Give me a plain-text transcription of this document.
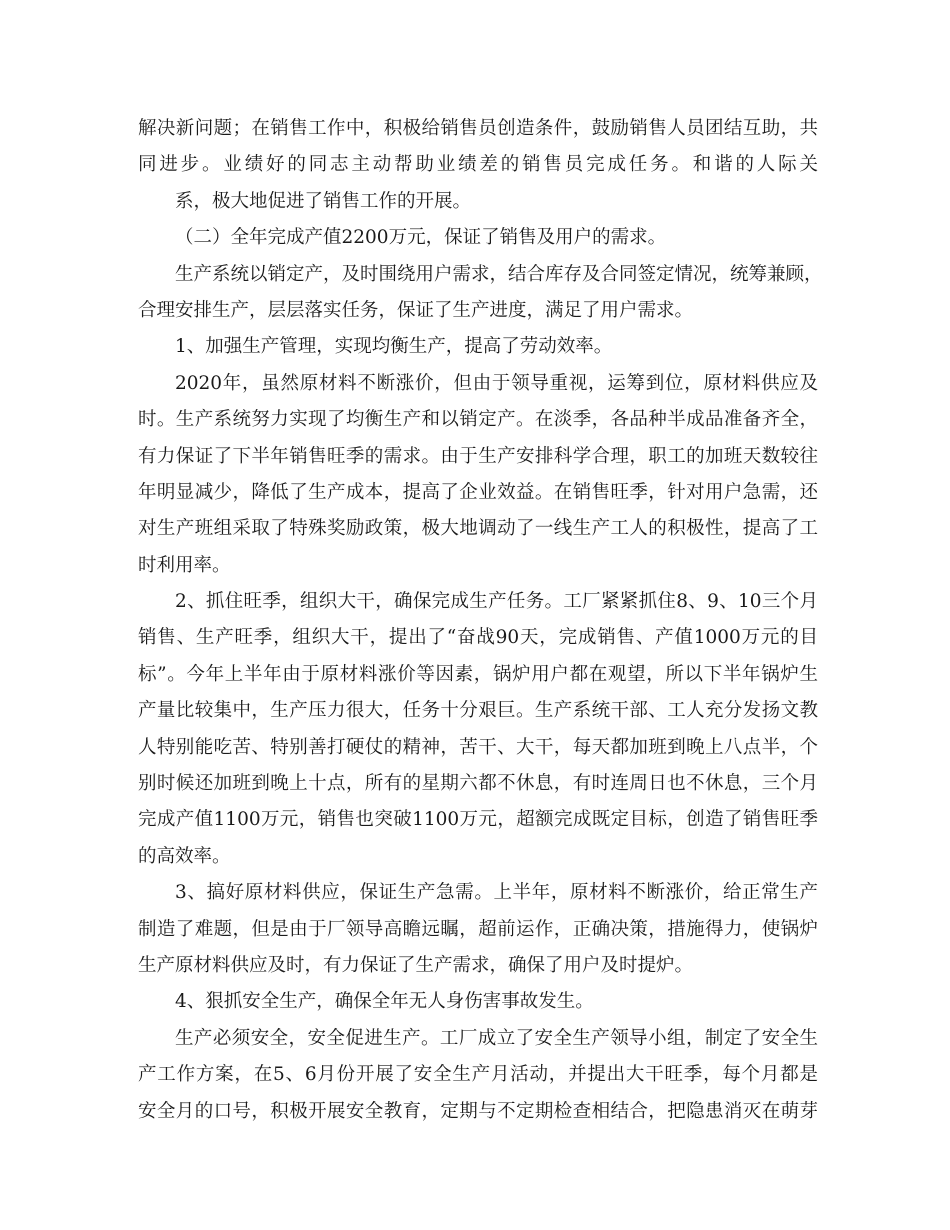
解决新问题；在销售工作中，积极给销售员创造条件，鼓励销售人员团结互助，共

同进步。业绩好的同志主动帮助业绩差的销售员完成任务。和谐的人际关

系，极大地促进了销售工作的开展。

（二）全年完成产值2200万元，保证了销售及用户的需求。

生产系统以销定产，及时围绕用户需求，结合库存及合同签定情况，统筹兼顾，

合理安排生产，层层落实任务，保证了生产进度，满足了用户需求。

1、加强生产管理，实现均衡生产，提高了劳动效率。

2020年，虽然原材料不断涨价，但由于领导重视，运筹到位，原材料供应及

时。生产系统努力实现了均衡生产和以销定产。在淡季，各品种半成品准备齐全，

有力保证了下半年销售旺季的需求。由于生产安排科学合理，职工的加班天数较往

年明显减少，降低了生产成本，提高了企业效益。在销售旺季，针对用户急需，还

对生产班组采取了特殊奖励政策，极大地调动了一线生产工人的积极性，提高了工

时利用率。

2、抓住旺季，组织大干，确保完成生产任务。工厂紧紧抓住8、9、10三个月

销售、生产旺季，组织大干，提出了“奋战90天，完成销售、产值1000万元的目

标”。今年上半年由于原材料涨价等因素，锅炉用户都在观望，所以下半年锅炉生

产量比较集中，生产压力很大，任务十分艰巨。生产系统干部、工人充分发扬文教

人特别能吃苦、特别善打硬仗的精神，苦干、大干，每天都加班到晚上八点半，个

别时候还加班到晚上十点，所有的星期六都不休息，有时连周日也不休息，三个月

完成产值1100万元，销售也突破1100万元，超额完成既定目标，创造了销售旺季

的高效率。

3、搞好原材料供应，保证生产急需。上半年，原材料不断涨价，给正常生产

制造了难题，但是由于厂领导高瞻远瞩，超前运作，正确决策，措施得力，使锅炉

生产原材料供应及时，有力保证了生产需求，确保了用户及时提炉。

4、狠抓安全生产，确保全年无人身伤害事故发生。

生产必须安全，安全促进生产。工厂成立了安全生产领导小组，制定了安全生

产工作方案，在5、6月份开展了安全生产月活动，并提出大干旺季，每个月都是

安全月的口号，积极开展安全教育，定期与不定期检查相结合，把隐患消灭在萌芽
